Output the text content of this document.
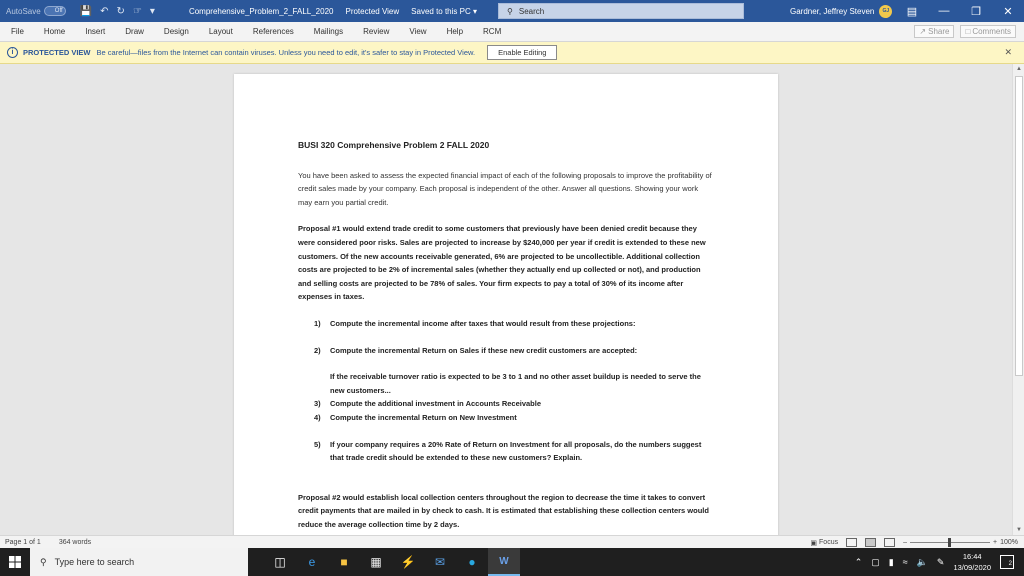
AutoSave Off 💾 ↶ ↻ ☞ ▾	Comprehensive_Problem_2_FALL_2020 Protected View Saved to this PC ▾	⚲ Search	Gardner, Jeffrey Steven	GJ	▤	—	❐	✕
File	Home	Insert	Draw	Design	Layout	References	Mailings	Review	View	Help	RCM	↗ Share □ Comments
i	PROTECTED VIEW Be careful—files from the Internet can contain viruses. Unless you need to edit, it's safer to stay in Protected View.	Enable Editing	✕

BUSI 320 Comprehensive Problem 2 FALL 2020

You have been asked to assess the expected financial impact of each of the following proposals to improve the profitability of credit sales made by your company. Each proposal is independent of the other. Answer all questions. Showing your work may earn you partial credit.

Proposal #1 would extend trade credit to some customers that previously have been denied credit because they were considered poor risks. Sales are projected to increase by $240,000 per year if credit is extended to these new customers. Of the new accounts receivable generated, 6% are projected to be uncollectible. Additional collection costs are projected to be 2% of incremental sales (whether they actually end up collected or not), and production and selling costs are projected to be 78% of sales. Your firm expects to pay a total of 30% of its income after expenses in taxes.

1)	Compute the incremental income after taxes that would result from these projections:
2)	Compute the incremental Return on Sales if these new credit customers are accepted:
If the receivable turnover ratio is expected to be 3 to 1 and no other asset buildup is needed to serve the new customers...
3)	Compute the additional investment in Accounts Receivable
4)	Compute the incremental Return on New Investment
5)	If your company requires a 20% Rate of Return on Investment for all proposals, do the numbers suggest that trade credit should be extended to these new customers? Explain.

Proposal #2 would establish local collection centers throughout the region to decrease the time it takes to convert credit payments that are mailed in by check to cash. It is estimated that establishing these collection centers would reduce the average collection time by 2 days.

▲
▼
Page 1 of 1	364 words	▣ Focus	–	+ 100%
⚲ Type here to search	◫	e	■	▦	⚡	✉	●	W	⌃ ▢ ▮ ≈ 🔈 ✎	16:44
13/09/2020	2
